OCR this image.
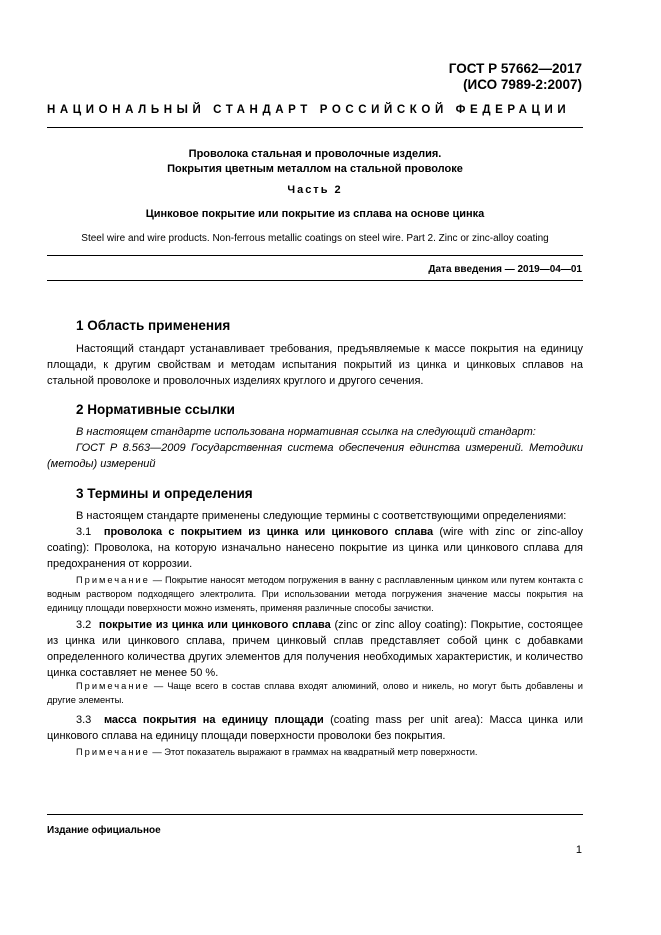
ГОСТ Р 57662—2017
(ИСО 7989-2:2007)
НАЦИОНАЛЬНЫЙ СТАНДАРТ РОССИЙСКОЙ ФЕДЕРАЦИИ
Проволока стальная и проволочные изделия.
Покрытия цветным металлом на стальной проволоке
Часть 2
Цинковое покрытие или покрытие из сплава на основе цинка
Steel wire and wire products. Non-ferrous metallic coatings on steel wire. Part 2. Zinc or zinc-alloy coating
Дата введения — 2019—04—01
1 Область применения

Настоящий стандарт устанавливает требования, предъявляемые к массе покрытия на единицу площади, к другим свойствам и методам испытания покрытий из цинка и цинковых сплавов на стальной проволоке и проволочных изделиях круглого и другого сечения.

2 Нормативные ссылки

В настоящем стандарте использована нормативная ссылка на следующий стандарт:

ГОСТ Р 8.563—2009 Государственная система обеспечения единства измерений. Методики (методы) измерений

3 Термины и определения

В настоящем стандарте применены следующие термины с соответствующими определениями:

3.1 проволока с покрытием из цинка или цинкового сплава (wire with zinc or zinc-alloy coating): Проволока, на которую изначально нанесено покрытие из цинка или цинкового сплава для предохранения от коррозии.

Примечание — Покрытие наносят методом погружения в ванну с расплавленным цинком или путем контакта с водным раствором подходящего электролита. При использовании метода погружения значение массы покрытия на единицу площади поверхности можно изменять, применяя различные способы зачистки.

3.2 покрытие из цинка или цинкового сплава (zinc or zinc alloy coating): Покрытие, состоящее из цинка или цинкового сплава, причем цинковый сплав представляет собой цинк с добавками определенного количества других элементов для получения необходимых характеристик, и количество цинка составляет не менее 50 %.

Примечание — Чаще всего в состав сплава входят алюминий, олово и никель, но могут быть добавлены и другие элементы.

3.3 масса покрытия на единицу площади (coating mass per unit area): Масса цинка или цинкового сплава на единицу площади поверхности проволоки без покрытия.

Примечание — Этот показатель выражают в граммах на квадратный метр поверхности.

Издание официальное
1
